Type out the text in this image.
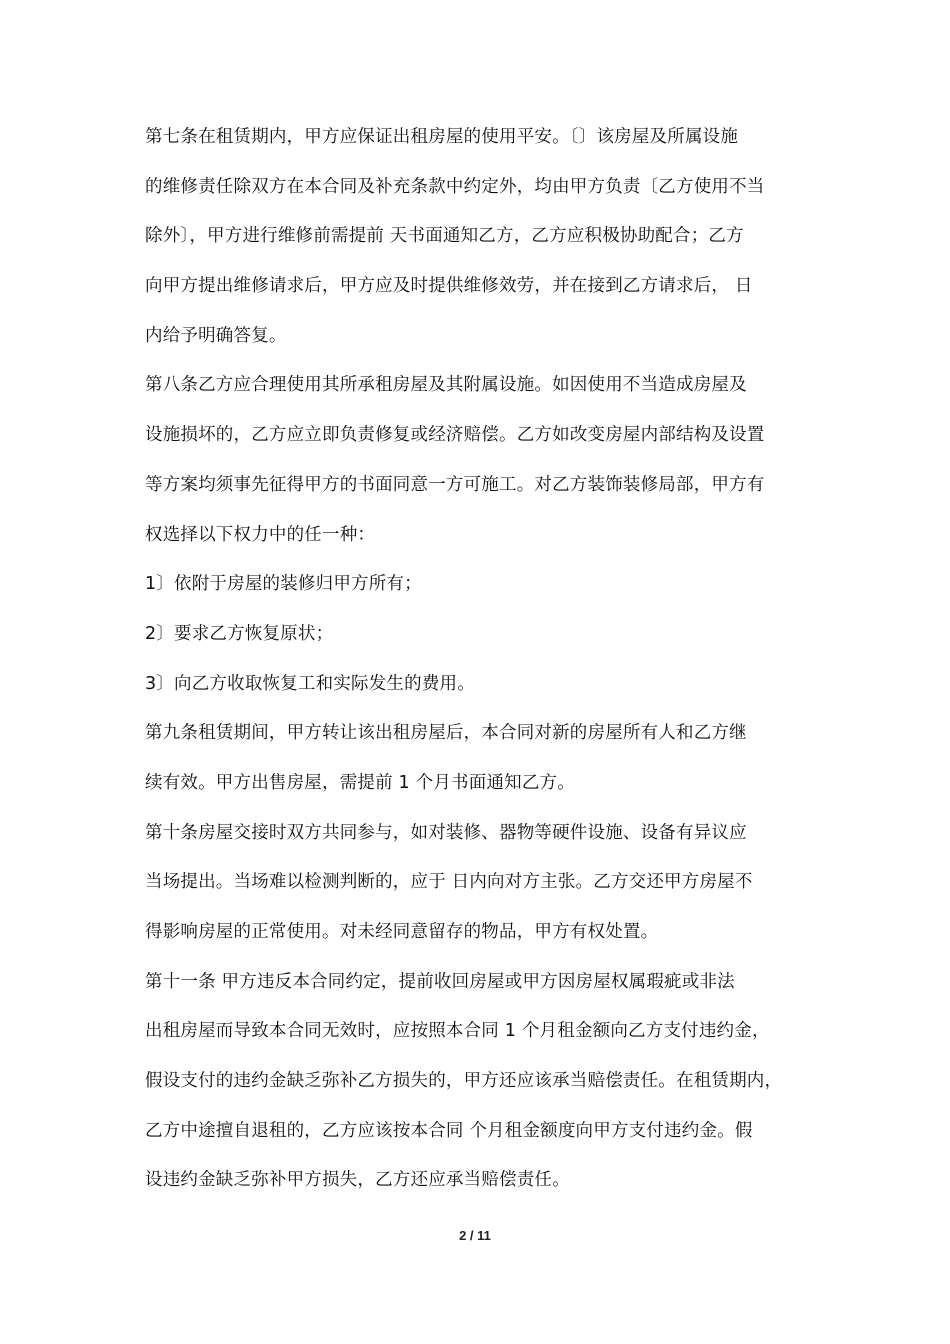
第七条在租赁期内，甲方应保证出租房屋的使用平安。〔〕该房屋及所属设施
的维修责任除双方在本合同及补充条款中约定外，均由甲方负责〔乙方使用不当
除外〕，甲方进行维修前需提前 天书面通知乙方，乙方应积极协助配合；乙方
向甲方提出维修请求后，甲方应及时提供维修效劳，并在接到乙方请求后， 日
内给予明确答复。
第八条乙方应合理使用其所承租房屋及其附属设施。如因使用不当造成房屋及
设施损坏的，乙方应立即负责修复或经济赔偿。乙方如改变房屋内部结构及设置
等方案均须事先征得甲方的书面同意一方可施工。对乙方装饰装修局部，甲方有
权选择以下权力中的任一种：
1〕依附于房屋的装修归甲方所有；
2〕要求乙方恢复原状；
3〕向乙方收取恢复工和实际发生的费用。
第九条租赁期间，甲方转让该出租房屋后，本合同对新的房屋所有人和乙方继
续有效。甲方出售房屋，需提前 1 个月书面通知乙方。
第十条房屋交接时双方共同参与，如对装修、器物等硬件设施、设备有异议应
当场提出。当场难以检测判断的，应于 日内向对方主张。乙方交还甲方房屋不
得影响房屋的正常使用。对未经同意留存的物品，甲方有权处置。
第十一条 甲方违反本合同约定，提前收回房屋或甲方因房屋权属瑕疵或非法
出租房屋而导致本合同无效时，应按照本合同 1 个月租金额向乙方支付违约金，
假设支付的违约金缺乏弥补乙方损失的，甲方还应该承当赔偿责任。在租赁期内，
乙方中途擅自退租的，乙方应该按本合同 个月租金额度向甲方支付违约金。假
设违约金缺乏弥补甲方损失，乙方还应承当赔偿责任。
2 / 11
